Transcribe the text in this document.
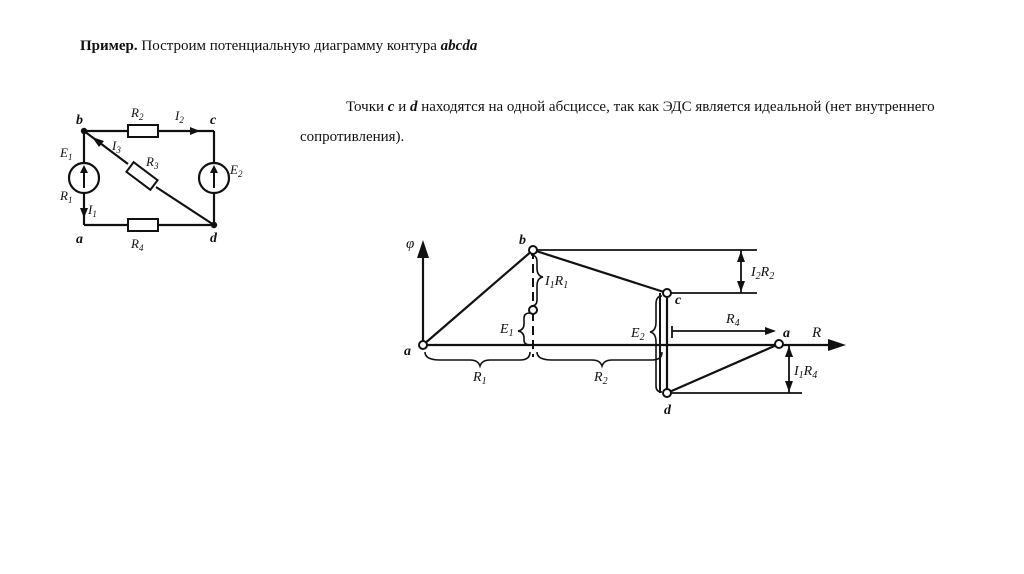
Пример. Построим потенциальную диаграмму контура abcda
Точки c и d находятся на одной абсциссе, так как ЭДС является идеальной (нет внутреннего сопротивления).
b	c
a	d
$R_2$
$R_4$
$R_3$
$R_1$
$E_1$
$E_2$
$I_2$
$I_1$
$I_3$
φ
R
a
b
c
d
a
$R_1$	$R_2$
$R_4$
$E_1$	$E_2$
$I_1R_1$
$I_2R_2$
$I_1R_4$
